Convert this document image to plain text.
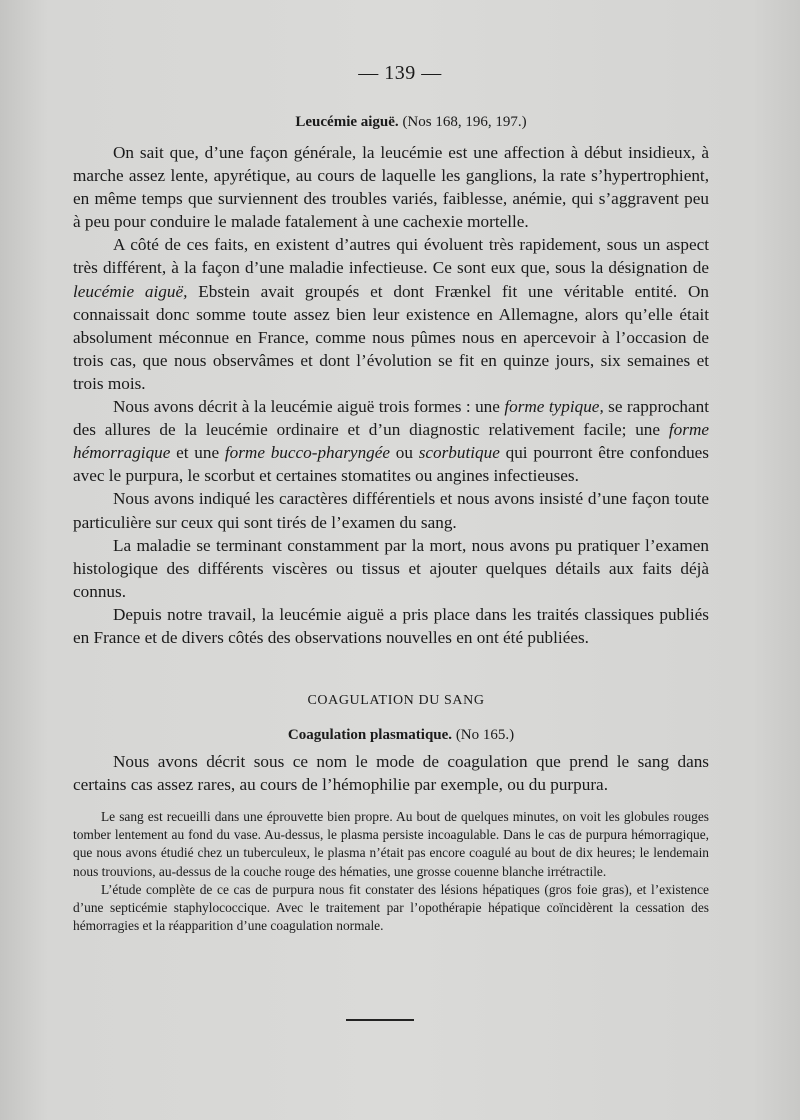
— 139 —
Leucémie aiguë. (Nos 168, 196, 197.)

On sait que, d’une façon générale, la leucémie est une affection à début insidieux, à marche assez lente, apyrétique, au cours de laquelle les ganglions, la rate s’hypertrophient, en même temps que surviennent des troubles variés, faiblesse, anémie, qui s’aggravent peu à peu pour conduire le malade fatalement à une cachexie mortelle.

A côté de ces faits, en existent d’autres qui évoluent très rapidement, sous un aspect très différent, à la façon d’une maladie infectieuse. Ce sont eux que, sous la désignation de leucémie aiguë, Ebstein avait groupés et dont Frænkel fit une véritable entité. On connaissait donc somme toute assez bien leur existence en Allemagne, alors qu’elle était absolument méconnue en France, comme nous pûmes nous en apercevoir à l’occasion de trois cas, que nous observâmes et dont l’évolution se fit en quinze jours, six semaines et trois mois.

Nous avons décrit à la leucémie aiguë trois formes : une forme typique, se rapprochant des allures de la leucémie ordinaire et d’un diagnostic relativement facile; une forme hémorragique et une forme bucco-pharyngée ou scorbutique qui pourront être confondues avec le purpura, le scorbut et certaines stomatites ou angines infectieuses.

Nous avons indiqué les caractères différentiels et nous avons insisté d’une façon toute particulière sur ceux qui sont tirés de l’examen du sang.

La maladie se terminant constamment par la mort, nous avons pu pratiquer l’examen histologique des différents viscères ou tissus et ajouter quelques détails aux faits déjà connus.

Depuis notre travail, la leucémie aiguë a pris place dans les traités classiques publiés en France et de divers côtés des observations nouvelles en ont été publiées.

COAGULATION DU SANG
Coagulation plasmatique. (No 165.)

Nous avons décrit sous ce nom le mode de coagulation que prend le sang dans certains cas assez rares, au cours de l’hémophilie par exemple, ou du purpura.

Le sang est recueilli dans une éprouvette bien propre. Au bout de quelques minutes, on voit les globules rouges tomber lentement au fond du vase. Au-dessus, le plasma persiste incoagulable. Dans le cas de purpura hémorragique, que nous avons étudié chez un tuberculeux, le plasma n’était pas encore coagulé au bout de dix heures; le lendemain nous trouvions, au-dessus de la couche rouge des hématies, une grosse couenne blanche irrétractile.

L’étude complète de ce cas de purpura nous fit constater des lésions hépatiques (gros foie gras), et l’existence d’une septicémie staphylococcique. Avec le traitement par l’opothérapie hépatique coïncidèrent la cessation des hémorragies et la réapparition d’une coagulation normale.
